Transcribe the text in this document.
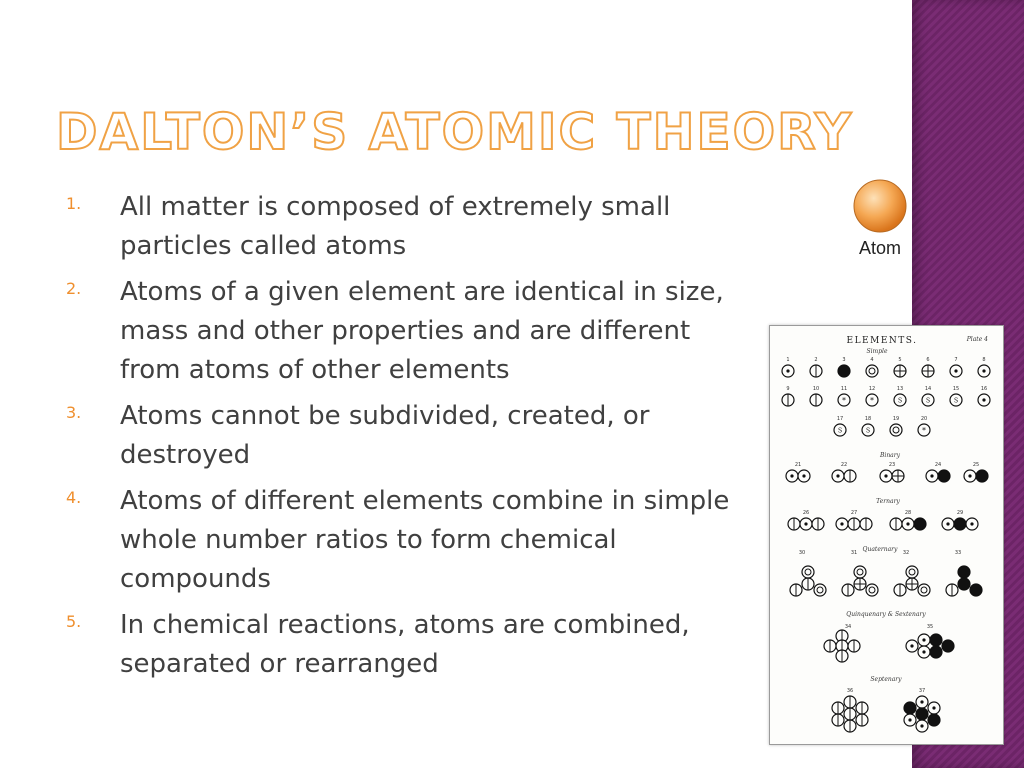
DALTON’S ATOMIC THEORY
1.	All matter is composed of extremely small particles called atoms
2.	Atoms of a given element are identical in size, mass and other properties and are different from atoms of other elements
3.	Atoms cannot be subdivided, created, or destroyed
4.	Atoms of different elements combine in simple whole number ratios to form chemical compounds
5.	In chemical reactions, atoms are combined, separated or rearranged
Atom
ELEMENTS.	Plate 4
Simple
Binary
Ternary
Quaternary
Quinquenary & Sextenary
Septenary
1	2	3	4	5	6	7	8
9	10	11
*
12
*
13
S
14
S
15
S
16
17
S
18
S
19	20
*
21	22	23	24	25
26	27	28	29
30	31	32	33
34	35
36	37
